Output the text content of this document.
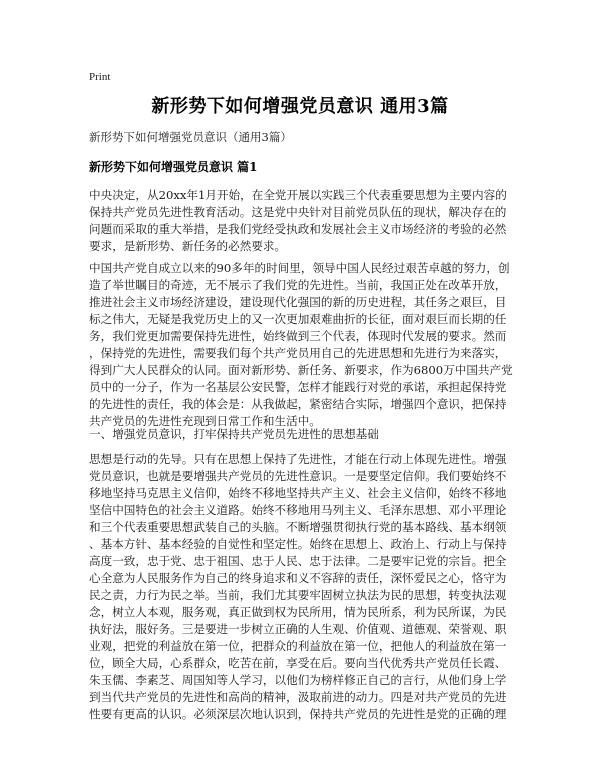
Print
新形势下如何增强党员意识 通用3篇
新形势下如何增强党员意识（通用3篇）
新形势下如何增强党员意识 篇1
中央决定，从20xx年1月开始，在全党开展以实践三个代表重要思想为主要内容的
保持共产党员先进性教育活动。这是党中央针对目前党员队伍的现状，解决存在的
问题而采取的重大举措，是我们党经受执政和发展社会主义市场经济的考验的必然
要求，是新形势、新任务的必然要求。
中国共产党自成立以来的90多年的时间里，领导中国人民经过艰苦卓越的努力，创
造了举世瞩目的奇迹，无不展示了我们党的先进性。当前，我国正处在改革开放，
推进社会主义市场经济建设，建设现代化强国的新的历史进程，其任务之艰巨，目
标之伟大，无疑是我党历史上的又一次更加艰难曲折的长征，面对艰巨而长期的任
务，我们党更加需要保持先进性，始终做到三个代表，体现时代发展的要求。然而
，保持党的先进性，需要我们每个共产党员用自己的先进思想和先进行为来落实，
得到广大人民群众的认同。面对新形势、新任务、新要求，作为6800万中国共产党
员中的一分子，作为一名基层公安民警，怎样才能践行对党的承诺，承担起保持党
的先进性的责任，我的体会是：从我做起，紧密结合实际，增强四个意识，把保持
共产党员的先进性充现到日常工作和生活中。
一、增强党员意识，打牢保持共产党员先进性的思想基础
思想是行动的先导。只有在思想上保持了先进性，才能在行动上体现先进性。增强
党员意识，也就是要增强共产党员的先进性意识。一是要坚定信仰。我们要始终不
移地坚持马克思主义信仰，始终不移地坚持共产主义、社会主义信仰，始终不移地
坚信中国特色的社会主义道路。始终不移地用马列主义、毛泽东思想、邓小平理论
和三个代表重要思想武装自己的头脑。不断增强贯彻执行党的基本路线、基本纲领
、基本方针、基本经验的自觉性和坚定性。始终在思想上、政治上、行动上与保持
高度一致，忠于党、忠于祖国、忠于人民、忠于法律。二是要牢记党的宗旨。把全
心全意为人民服务作为自己的终身追求和义不容辞的责任，深怀爱民之心，恪守为
民之责，力行为民之举。当前，我们尤其要牢固树立执法为民的思想，转变执法观
念，树立人本观，服务观，真正做到权为民所用，情为民所系，利为民所谋，为民
执好法，服好务。三是要进一步树立正确的人生观、价值观、道德观、荣誉观、职
业观，把党的利益放在第一位，把群众的利益放在第一位，把他人的利益放在第一
位，顾全大局，心系群众，吃苦在前，享受在后。要向当代优秀共产党员任长霞、
朱玉儒、李素芝、周国知等人学习，以他们为榜样修正自己的言行，从他们身上学
到当代共产党员的先进性和高尚的精神，汲取前进的动力。四是对共产党员的先进
性要有更高的认识。必须深层次地认识到，保持共产党员的先进性是党的正确的理
